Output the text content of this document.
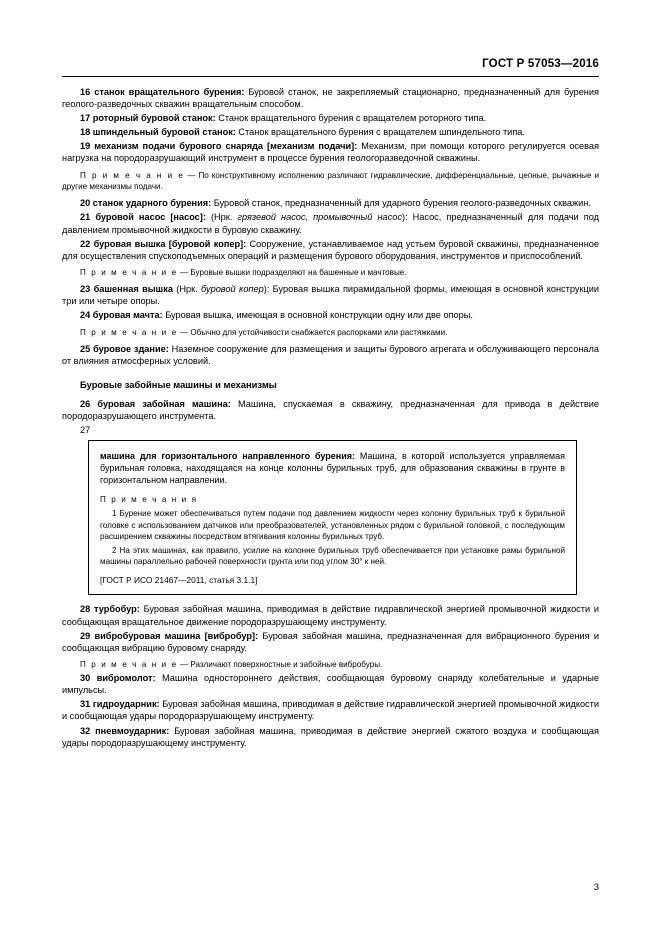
ГОСТ Р 57053—2016

16 станок вращательного бурения: Буровой станок, не закрепляемый стационарно, предназначенный для бурения геолого-разведочных скважин вращательным способом.

17 роторный буровой станок: Станок вращательного бурения с вращателем роторного типа.

18 шпиндельный буровой станок: Станок вращательного бурения с вращателем шпиндельного типа.

19 механизм подачи бурового снаряда [механизм подачи]: Механизм, при помощи которого регулируется осевая нагрузка на породоразрушающий инструмент в процессе бурения геологоразведочной скважины.

П р и м е ч а н и е — По конструктивному исполнению различают гидравлические, дифференциальные, цепные, рычажные и другие механизмы подачи.

20 станок ударного бурения: Буровой станок, предназначенный для ударного бурения геолого-разведочных скважин.

21 буровой насос [насос]: (Нрк. грязевой насос, промывочный насос): Насос, предназначенный для подачи под давлением промывочной жидкости в буровую скважину.

22 буровая вышка [буровой копер]: Сооружение, устанавливаемое над устьем буровой скважины, предназначенное для осуществления спускоподъемных операций и размещения бурового оборудования, инструментов и приспособлений.

П р и м е ч а н и е — Буровые вышки подразделяют на башенные и мачтовые.

23 башенная вышка (Нрк. буровой копер): Буровая вышка пирамидальной формы, имеющая в основной конструкции три или четыре опоры.

24 буровая мачта: Буровая вышка, имеющая в основной конструкции одну или две опоры.

П р и м е ч а н и е — Обычно для устойчивости снабжается распорками или растяжками.

25 буровое здание: Наземное сооружение для размещения и защиты бурового агрегата и обслуживающего персонала от влияния атмосферных условий.

Буровые забойные машины и механизмы

26 буровая забойная машина: Машина, спускаемая в скважину, предназначенная для привода в действие породоразрушающего инструмента.

27

машина для горизонтального направленного бурения: Машина, в которой используется управляемая бурильная головка, находящаяся на конце колонны бурильных труб, для образования скважины в грунте в горизонтальном направлении.

П р и м е ч а н и я

1 Бурение может обеспечиваться путем подачи под давлением жидкости через колонну бурильных труб к бурильной головке с использованием датчиков или преобразователей, установленных рядом с бурильной головкой, с последующим расширением скважины посредством втягивания колонны бурильных труб.

2 На этих машинах, как правило, усилие на колонне бурильных труб обеспечивается при установке рамы бурильной машины параллельно рабочей поверхности грунта или под углом 30° к ней.

[ГОСТ Р ИСО 21467—2011, статья 3.1.1]

28 турбобур: Буровая забойная машина, приводимая в действие гидравлической энергией промывочной жидкости и сообщающая вращательное движение породоразрушающему инструменту.

29 вибробуровая машина [вибробур]: Буровая забойная машина, предназначенная для вибрационного бурения и сообщающая вибрацию буровому снаряду.

П р и м е ч а н и е — Различают поверхностные и забойные вибробуры.

30 вибромолот: Машина одностороннего действия, сообщающая буровому снаряду колебательные и ударные импульсы.

31 гидроударник: Буровая забойная машина, приводимая в действие гидравлической энергией промывочной жидкости и сообщающая удары породоразрушающему инструменту.

32 пневмоударник: Буровая забойная машина, приводимая в действие энергией сжатого воздуха и сообщающая удары породоразрушающему инструменту.

3
